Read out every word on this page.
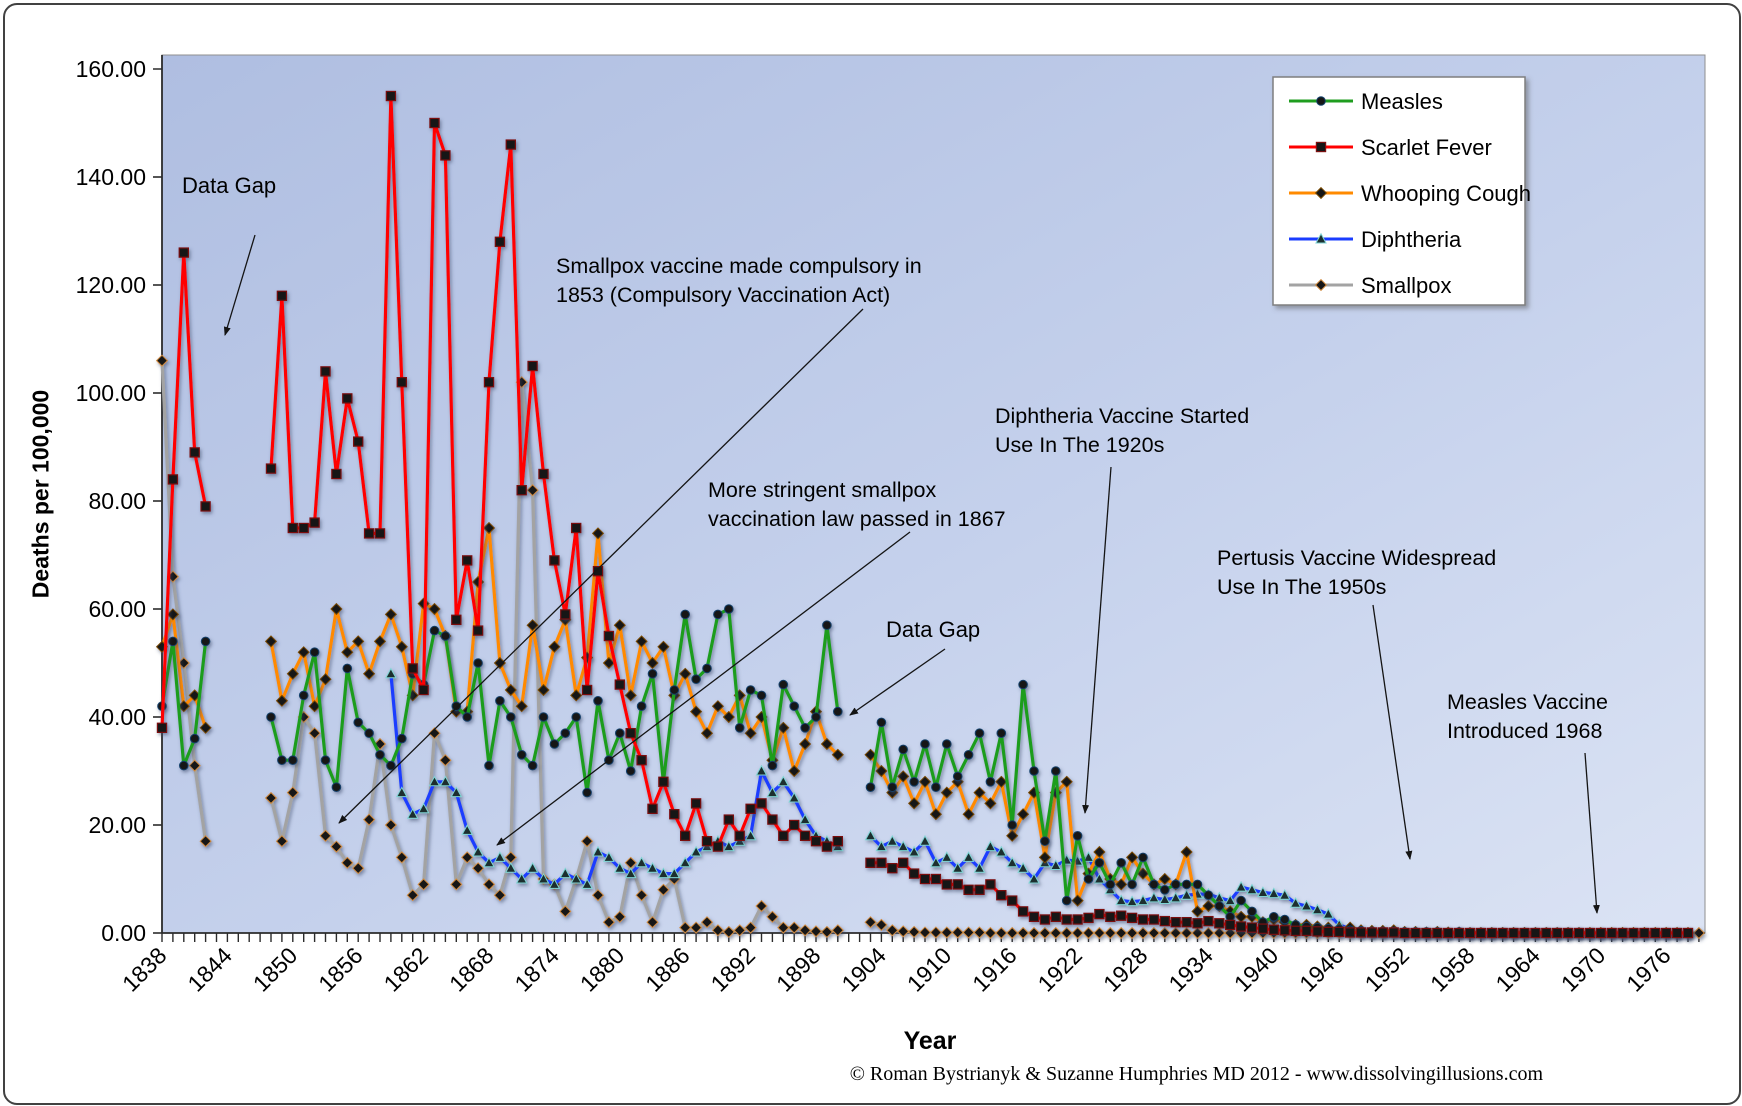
0.00
20.00
40.00
60.00
80.00
100.00
120.00
140.00
160.00
1838 1844 1850 1856 1862 1868 1874 1880 1886 1892 1898 1904 1910 1916 1922 1928 1934 1940 1946 1952 1958 1964 1970 1976
Data Gap
Smallpox vaccine made compulsory in 1853 (Compulsory Vaccination Act)
More stringent smallpox vaccination law passed in 1867
Diphtheria Vaccine Started Use In The 1920s
Pertusis Vaccine Widespread Use In The 1950s
Measles Vaccine Introduced 1968
Data Gap
Measles
Scarlet Fever
Whooping Cough
Diphtheria
Smallpox
Deaths per 100,000
Year
© Roman Bystrianyk & Suzanne Humphries MD 2012 - www.dissolvingillusions.com
